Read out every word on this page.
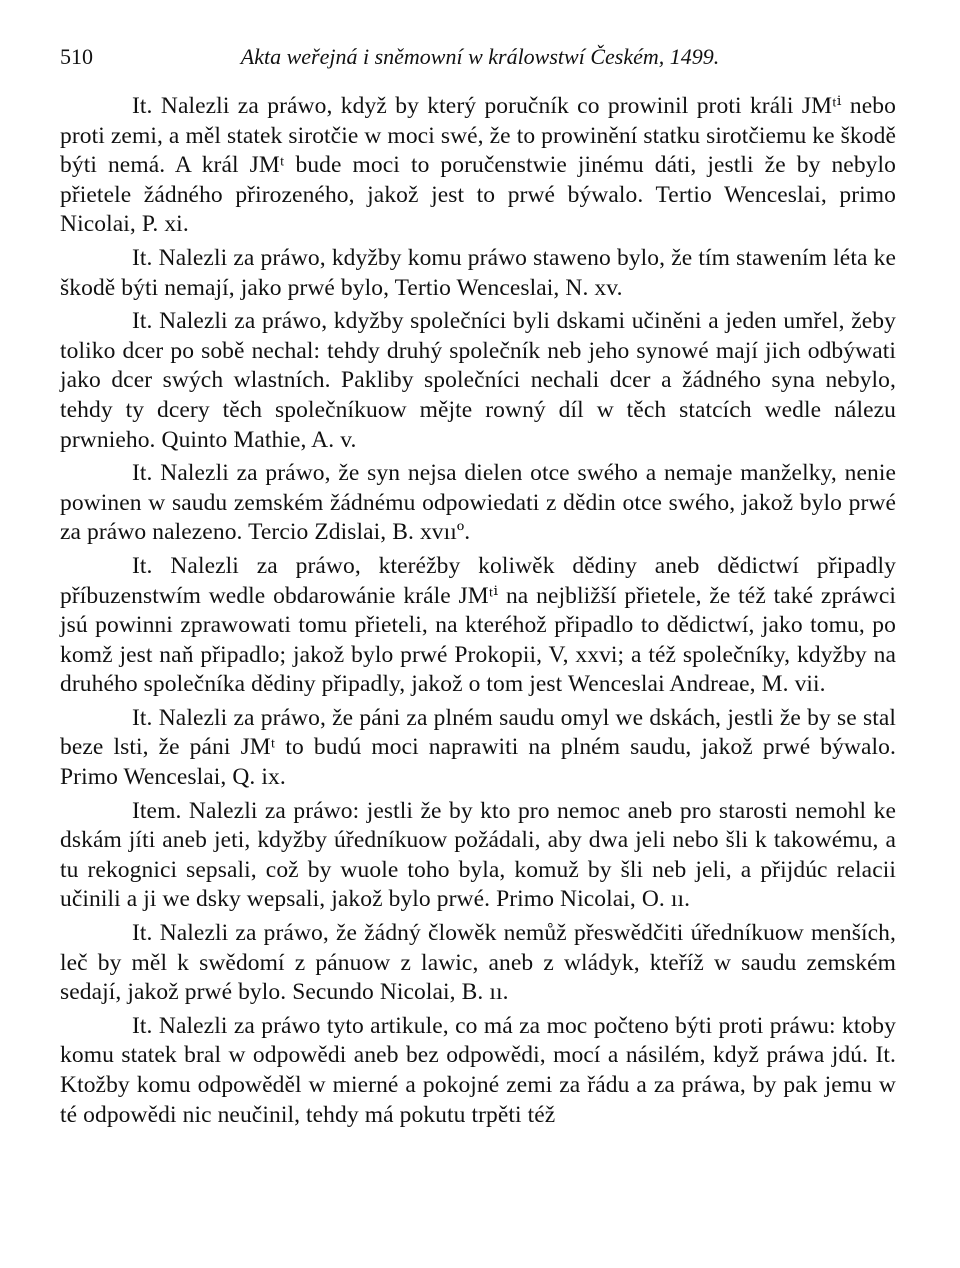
510	Akta weřejná i sněmowní w králowstwí Českém, 1499.

It. Nalezli za práwo, když by který poručník co prowinil proti králi JMᵗⁱ nebo proti zemi, a měl statek sirotčie w moci swé, že to prowinění statku sirotčiemu ke škodě býti nemá. A král JMᵗ bude moci to poručenstwie jinému dáti, jestli že by nebylo přietele žádného přirozeného, jakož jest to prwé býwalo. Tertio Wenceslai, primo Nicolai, P. xi.

It. Nalezli za práwo, kdyžby komu práwo staweno bylo, že tím stawením léta ke škodě býti nemají, jako prwé bylo, Tertio Wenceslai, N. xv.

It. Nalezli za práwo, kdyžby společníci byli dskami učiněni a jeden umřel, žeby toliko dcer po sobě nechal: tehdy druhý společník neb jeho synowé mají jich odbýwati jako dcer swých wlastních. Pakliby společníci nechali dcer a žádného syna nebylo, tehdy ty dcery těch společníkuow mějte rowný díl w těch statcích wedle nálezu prwnieho. Quinto Mathie, A. v.

It. Nalezli za práwo, že syn nejsa dielen otce swého a nemaje manželky, nenie powinen w saudu zemském žádnému odpowiedati z dědin otce swého, jakož bylo prwé za práwo nalezeno. Tercio Zdislai, B. xvııº.

It. Nalezli za práwo, kteréžby koliwěk dědiny aneb dědictwí připadly příbuzenstwím wedle obdarowánie krále JMᵗⁱ na nejbližší přietele, že též také zpráwci jsú powinni zprawowati tomu přieteli, na kteréhož připadlo to dědictwí, jako tomu, po komž jest naň připadlo; jakož bylo prwé Prokopii, V, xxvi; a též společníky, kdyžby na druhého společníka dědiny připadly, jakož o tom jest Wenceslai Andreae, M. vii.

It. Nalezli za práwo, že páni za plném saudu omyl we dskách, jestli že by se stal beze lsti, že páni JMᵗ to budú moci naprawiti na plném saudu, jakož prwé býwalo. Primo Wenceslai, Q. ix.

Item. Nalezli za práwo: jestli že by kto pro nemoc aneb pro starosti nemohl ke dskám jíti aneb jeti, kdyžby úředníkuow požádali, aby dwa jeli nebo šli k takowému, a tu rekognici sepsali, což by wuole toho byla, komuž by šli neb jeli, a přijdúc relacii učinili a ji we dsky wepsali, jakož bylo prwé. Primo Nicolai, O. ıı.

It. Nalezli za práwo, že žádný člowěk nemůž přeswědčiti úředníkuow menších, leč by měl k swědomí z pánuow z lawic, aneb z wládyk, kteříž w saudu zemském sedají, jakož prwé bylo. Secundo Nicolai, B. ıı.

It. Nalezli za práwo tyto artikule, co má za moc počteno býti proti práwu: ktoby komu statek bral w odpowědi aneb bez odpowědi, mocí a násilém, když práwa jdú. It. Ktožby komu odpowěděl w mierné a pokojné zemi za řádu a za práwa, by pak jemu w té odpowědi nic neučinil, tehdy má pokutu trpěti též
